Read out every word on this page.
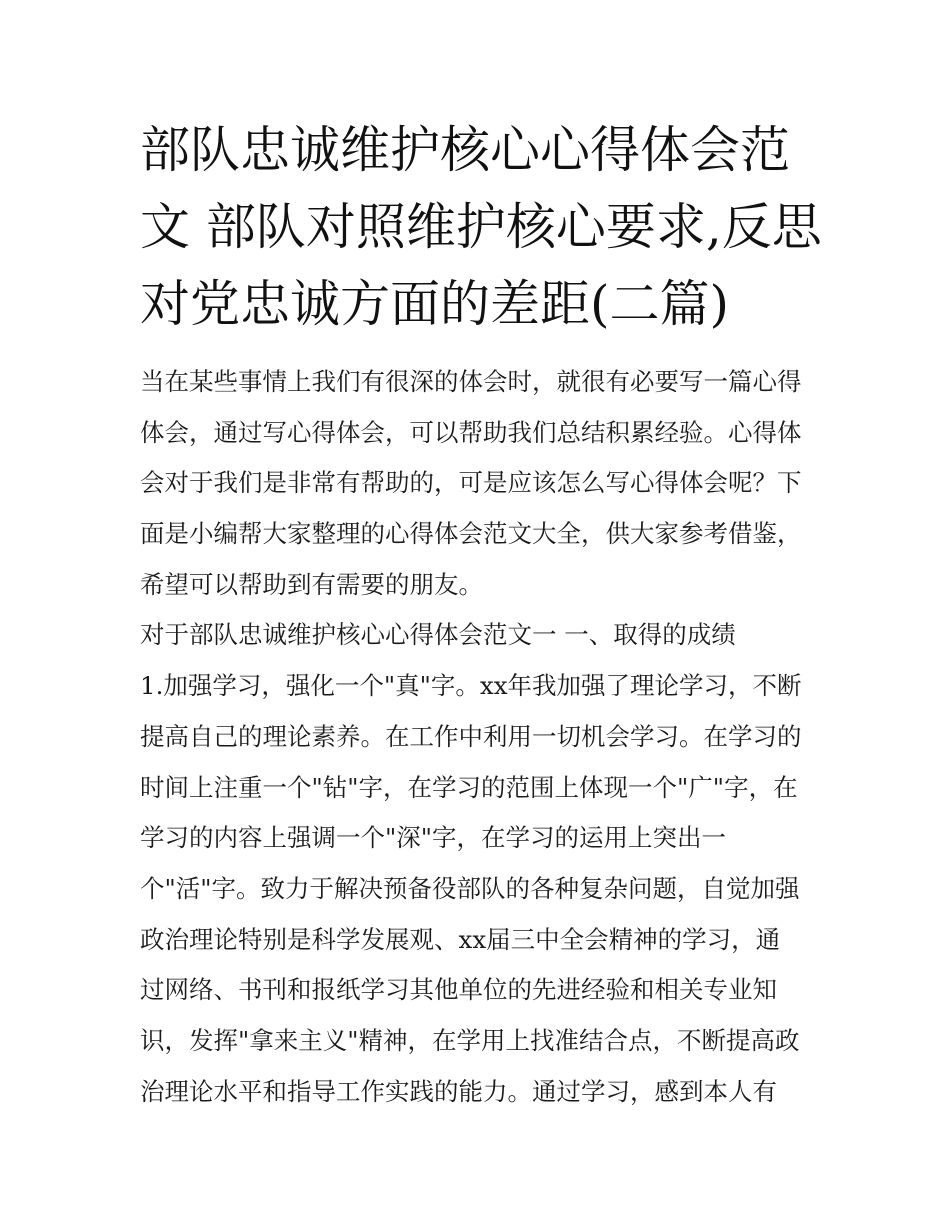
部队忠诚维护核心心得体会范
文 部队对照维护核心要求,反思
对党忠诚方面的差距(二篇)
当在某些事情上我们有很深的体会时，就很有必要写一篇心得
体会，通过写心得体会，可以帮助我们总结积累经验。心得体
会对于我们是非常有帮助的，可是应该怎么写心得体会呢？下
面是小编帮大家整理的心得体会范文大全，供大家参考借鉴，
希望可以帮助到有需要的朋友。
对于部队忠诚维护核心心得体会范文一 一、取得的成绩
1.加强学习，强化一个"真"字。xx年我加强了理论学习，不断
提高自己的理论素养。在工作中利用一切机会学习。在学习的
时间上注重一个"钻"字，在学习的范围上体现一个"广"字，在
学习的内容上强调一个"深"字，在学习的运用上突出一
个"活"字。致力于解决预备役部队的各种复杂问题，自觉加强
政治理论特别是科学发展观、xx届三中全会精神的学习，通
过网络、书刊和报纸学习其他单位的先进经验和相关专业知
识，发挥"拿来主义"精神，在学用上找准结合点，不断提高政
治理论水平和指导工作实践的能力。通过学习，感到本人有
